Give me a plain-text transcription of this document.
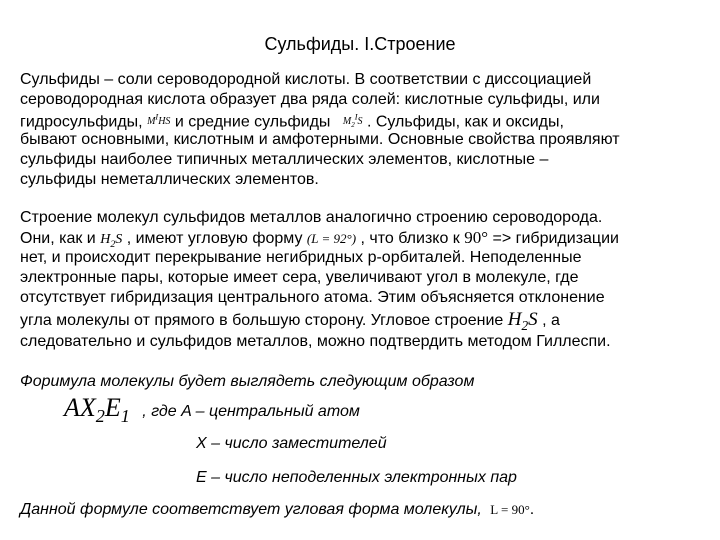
Сульфиды. I.Строение
Сульфиды – соли сероводородной кислоты. В соответствии с диссоциацией
сероводородная кислота образует два ряда солей: кислотные сульфиды, или
гидросульфиды, $M^IHS$ и средние сульфиды $M_2^IS$ . Сульфиды, как и оксиды,
бывают основными, кислотным и амфотерными. Основные свойства проявляют
сульфиды наиболее типичных металлических элементов, кислотные –
сульфиды неметаллических элементов.
Строение молекул сульфидов металлов аналогично строению сероводорода.
Они, как и $H_2S$ , имеют угловую форму (L = 92°) , что близко к 90° => гибридизации
нет, и происходит перекрывание негибридных p-орбиталей. Неподеленные
электронные пары, которые имеет сера, увеличивают угол в молекуле, где
отсутствует гибридизация центрального атома. Этим объясняется отклонение
угла молекулы от прямого в большую сторону. Угловое строение $H_2S$ , а
следовательно и сульфидов металлов, можно подтвердить методом Гиллеспи.
Форимула молекулы будет выглядеть следующим образом
$AX_2E_1$ , где A – центральный атом
X – число заместителей
E – число неподеленных электронных пар
Данной формуле соответствует угловая форма молекулы, L = 90°.
